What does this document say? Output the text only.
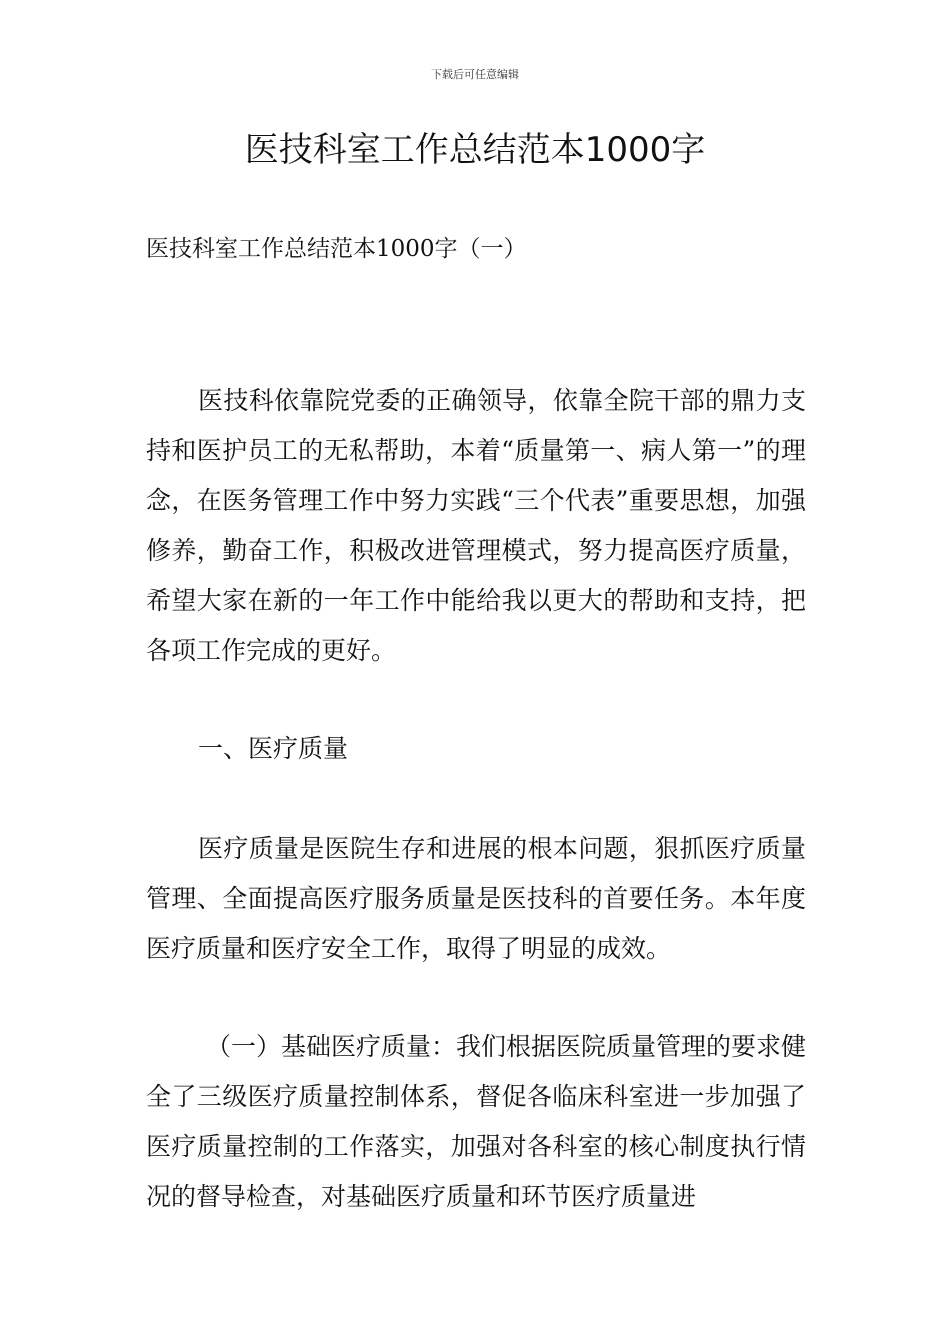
下载后可任意编辑
医技科室工作总结范本1000字

医技科室工作总结范本1000字（一）

医技科依靠院党委的正确领导，依靠全院干部的鼎力支持和医护员工的无私帮助，本着“质量第一、病人第一”的理念，在医务管理工作中努力实践“三个代表”重要思想，加强修养，勤奋工作，积极改进管理模式，努力提高医疗质量，希望大家在新的一年工作中能给我以更大的帮助和支持，把各项工作完成的更好。

一、医疗质量

医疗质量是医院生存和进展的根本问题，狠抓医疗质量管理、全面提高医疗服务质量是医技科的首要任务。本年度医疗质量和医疗安全工作，取得了明显的成效。

（一）基础医疗质量：我们根据医院质量管理的要求健全了三级医疗质量控制体系，督促各临床科室进一步加强了医疗质量控制的工作落实，加强对各科室的核心制度执行情况的督导检查，对基础医疗质量和环节医疗质量进
